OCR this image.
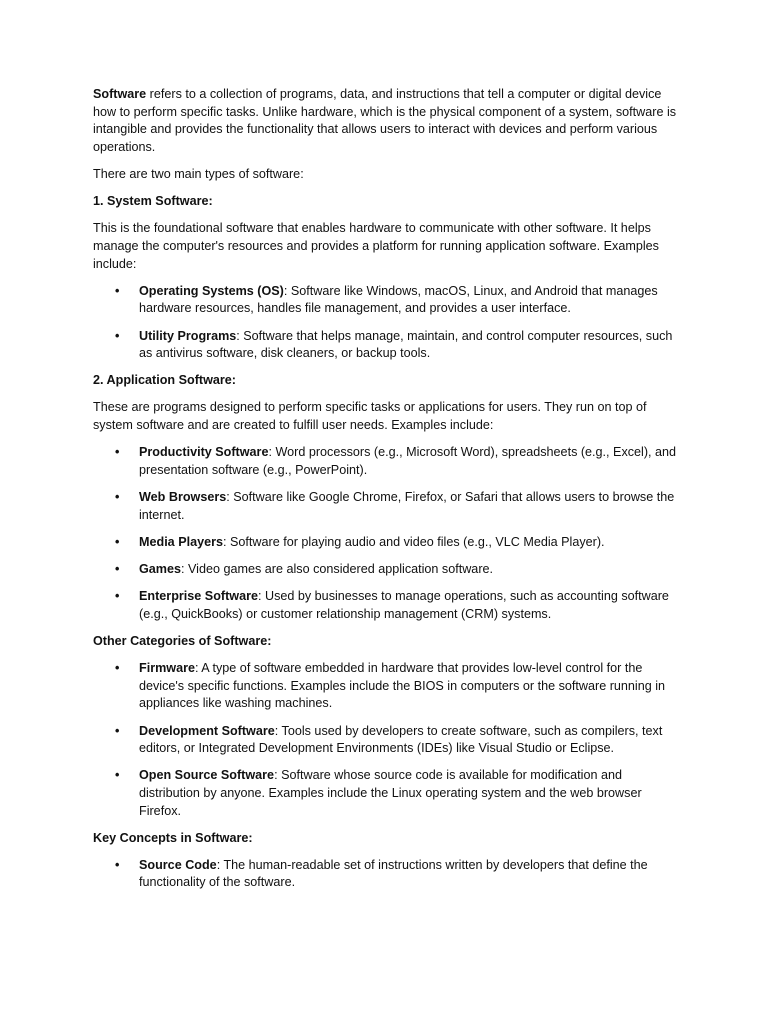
Software refers to a collection of programs, data, and instructions that tell a computer or digital device how to perform specific tasks. Unlike hardware, which is the physical component of a system, software is intangible and provides the functionality that allows users to interact with devices and perform various operations.

There are two main types of software:

1. System Software:

This is the foundational software that enables hardware to communicate with other software. It helps manage the computer's resources and provides a platform for running application software. Examples include:

• Operating Systems (OS): Software like Windows, macOS, Linux, and Android that manages hardware resources, handles file management, and provides a user interface.
• Utility Programs: Software that helps manage, maintain, and control computer resources, such as antivirus software, disk cleaners, or backup tools.

2. Application Software:

These are programs designed to perform specific tasks or applications for users. They run on top of system software and are created to fulfill user needs. Examples include:

• Productivity Software: Word processors (e.g., Microsoft Word), spreadsheets (e.g., Excel), and presentation software (e.g., PowerPoint).
• Web Browsers: Software like Google Chrome, Firefox, or Safari that allows users to browse the internet.
• Media Players: Software for playing audio and video files (e.g., VLC Media Player).
• Games: Video games are also considered application software.
• Enterprise Software: Used by businesses to manage operations, such as accounting software (e.g., QuickBooks) or customer relationship management (CRM) systems.

Other Categories of Software:

• Firmware: A type of software embedded in hardware that provides low-level control for the device's specific functions. Examples include the BIOS in computers or the software running in appliances like washing machines.
• Development Software: Tools used by developers to create software, such as compilers, text editors, or Integrated Development Environments (IDEs) like Visual Studio or Eclipse.
• Open Source Software: Software whose source code is available for modification and distribution by anyone. Examples include the Linux operating system and the web browser Firefox.

Key Concepts in Software:

• Source Code: The human-readable set of instructions written by developers that define the functionality of the software.
